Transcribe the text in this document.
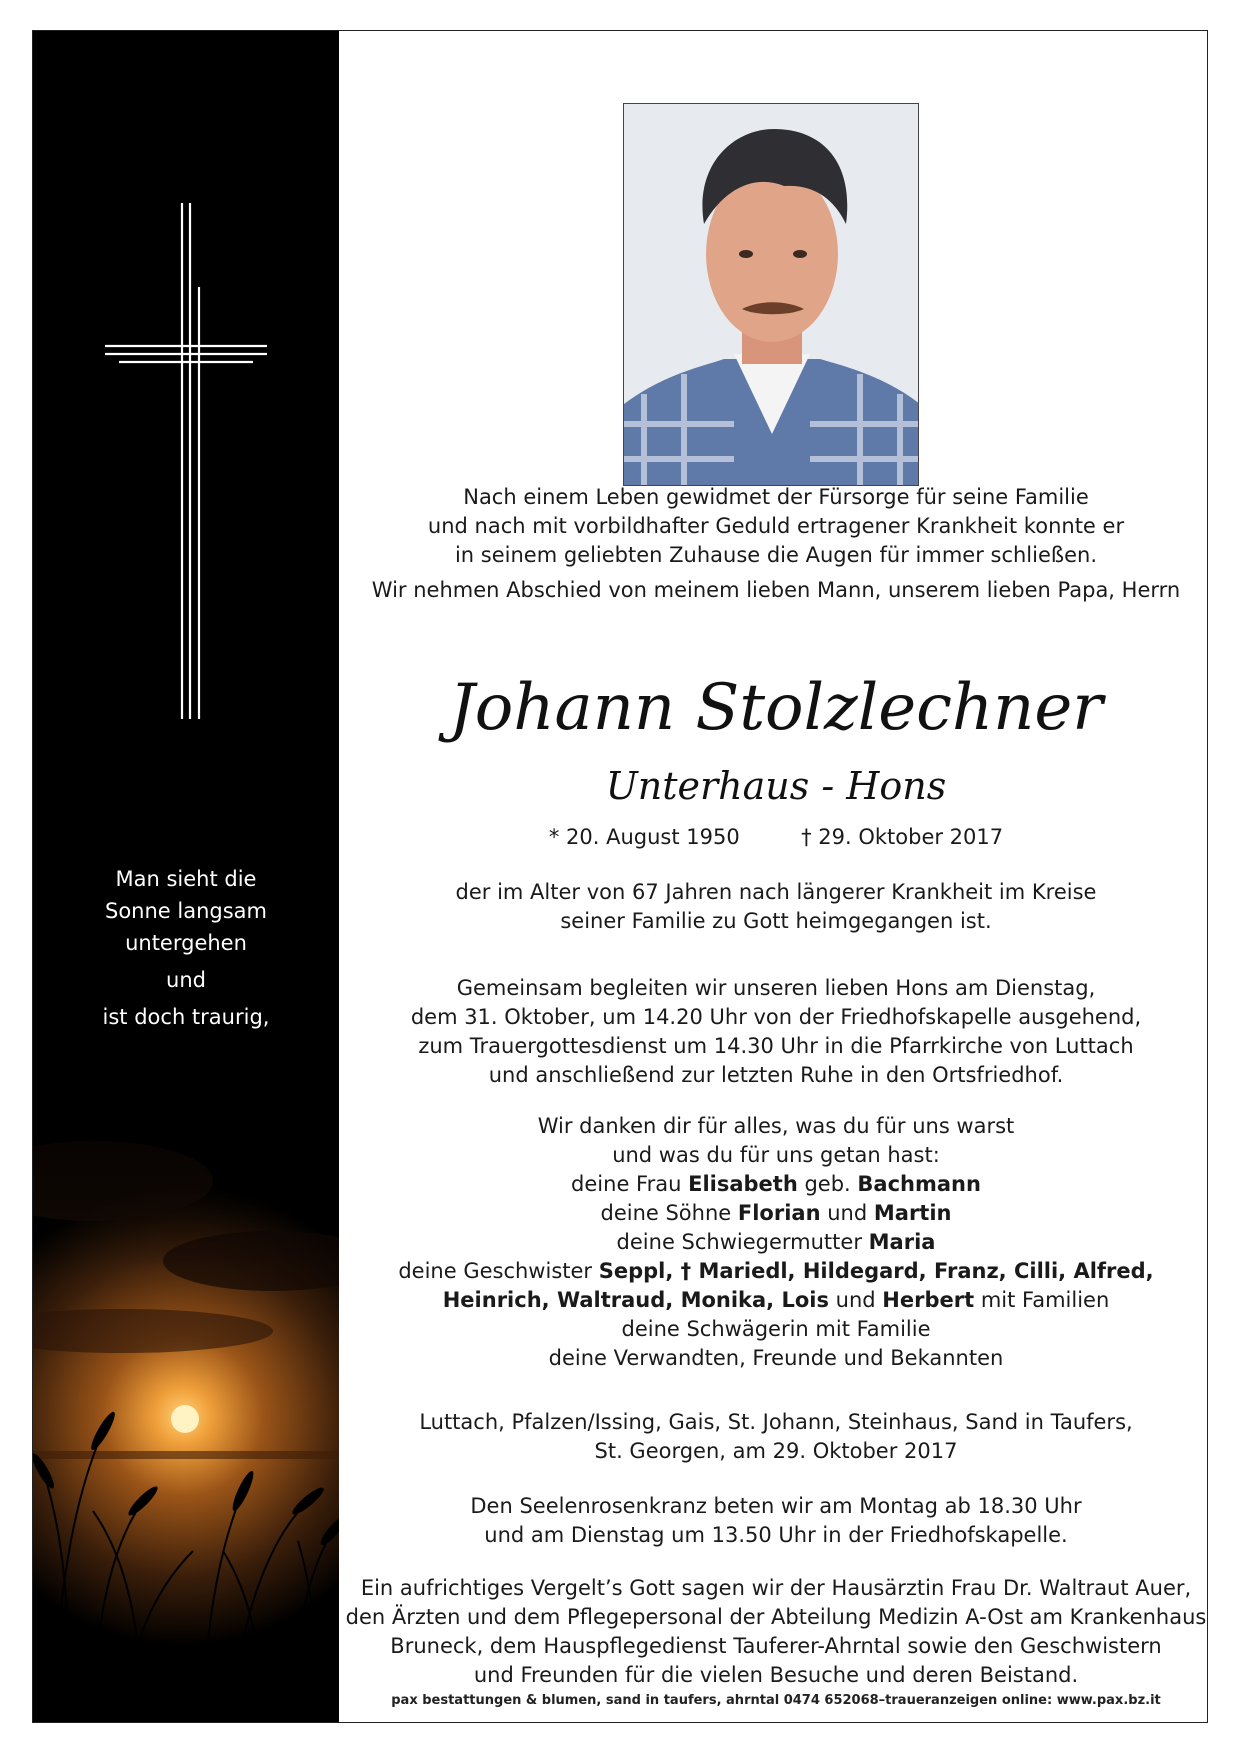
Man sieht die
Sonne langsam
untergehen
und
ist doch traurig,

Nach einem Leben gewidmet der Fürsorge für seine Familie

und nach mit vorbildhafter Geduld ertragener Krankheit konnte er

in seinem geliebten Zuhause die Augen für immer schließen.

Wir nehmen Abschied von meinem lieben Mann, unserem lieben Papa, Herrn

Johann Stolzlechner
Unterhaus - Hons
* 20. August 1950	† 29. Oktober 2017

der im Alter von 67 Jahren nach längerer Krankheit im Kreise

seiner Familie zu Gott heimgegangen ist.

Gemeinsam begleiten wir unseren lieben Hons am Dienstag,

dem 31. Oktober, um 14.20 Uhr von der Friedhofskapelle ausgehend,

zum Trauergottesdienst um 14.30 Uhr in die Pfarrkirche von Luttach

und anschließend zur letzten Ruhe in den Ortsfriedhof.

Wir danken dir für alles, was du für uns warst

und was du für uns getan hast:

deine Frau Elisabeth geb. Bachmann

deine Söhne Florian und Martin

deine Schwiegermutter Maria

deine Geschwister Seppl, † Mariedl, Hildegard, Franz, Cilli, Alfred,

Heinrich, Waltraud, Monika, Lois und Herbert mit Familien

deine Schwägerin mit Familie

deine Verwandten, Freunde und Bekannten

Luttach, Pfalzen/Issing, Gais, St. Johann, Steinhaus, Sand in Taufers,

St. Georgen, am 29. Oktober 2017

Den Seelenrosenkranz beten wir am Montag ab 18.30 Uhr

und am Dienstag um 13.50 Uhr in der Friedhofskapelle.

Ein aufrichtiges Vergelt’s Gott sagen wir der Hausärztin Frau Dr. Waltraut Auer,

den Ärzten und dem Pflegepersonal der Abteilung Medizin A-Ost am Krankenhaus

Bruneck, dem Hauspflegedienst Tauferer-Ahrntal sowie den Geschwistern

und Freunden für die vielen Besuche und deren Beistand.

pax bestattungen & blumen, sand in taufers, ahrntal 0474 652068–traueranzeigen online: www.pax.bz.it
